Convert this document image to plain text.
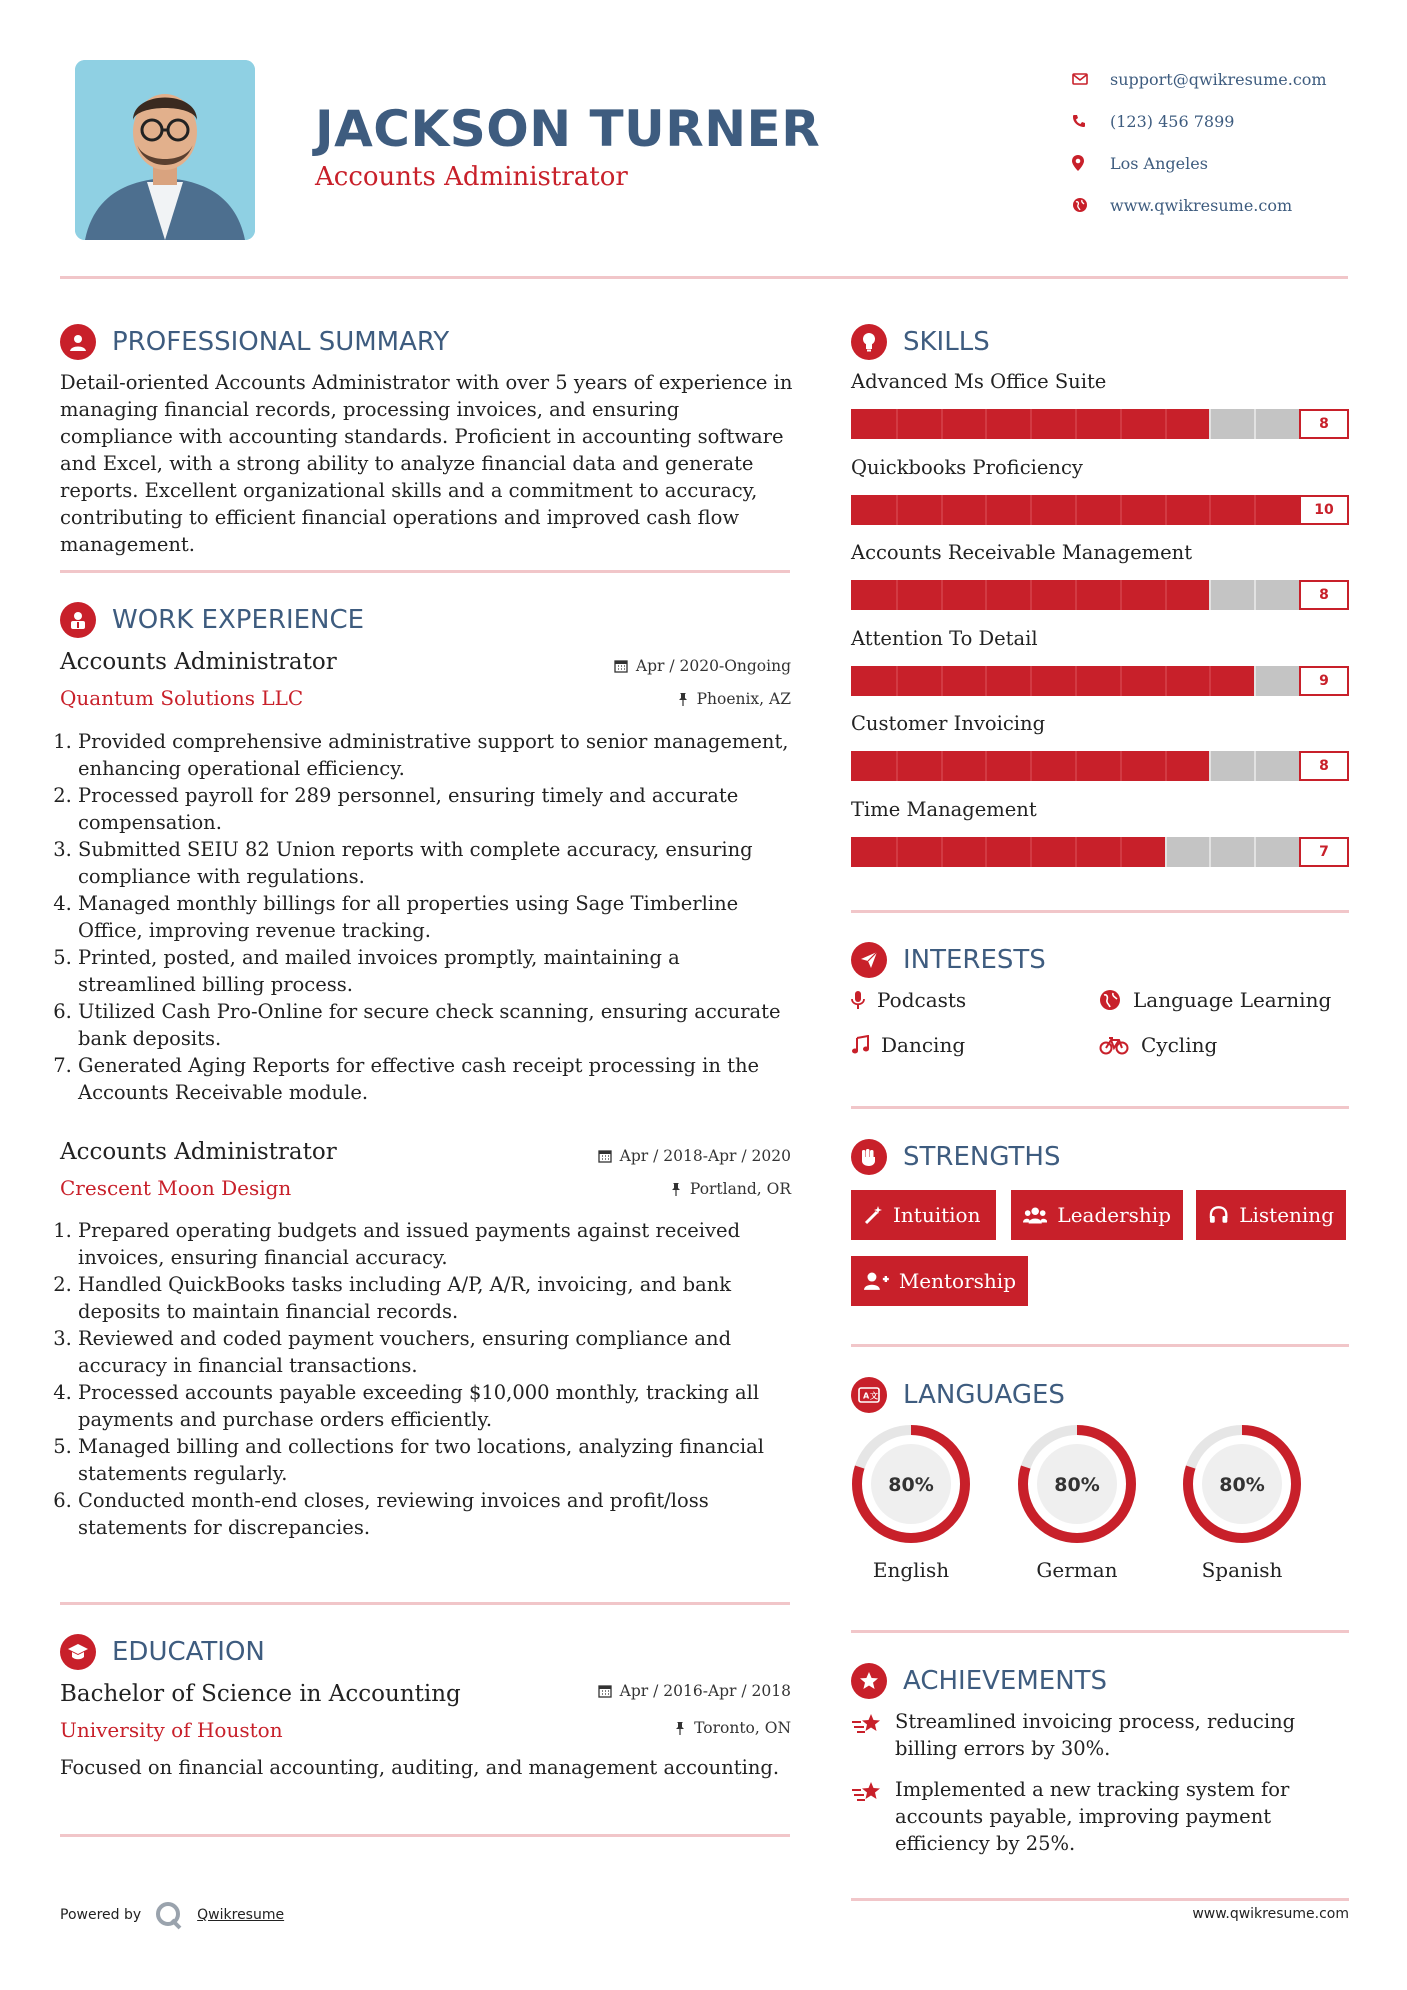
JACKSON TURNER
Accounts Administrator
support@qwikresume.com
(123) 456 7899
Los Angeles
www.qwikresume.com
PROFESSIONAL SUMMARY
Detail-oriented Accounts Administrator with over 5 years of experience in managing financial records, processing invoices, and ensuring compliance with accounting standards. Proficient in accounting software and Excel, with a strong ability to analyze financial data and generate reports. Excellent organizational skills and a commitment to accuracy, contributing to efficient financial operations and improved cash flow management.
WORK EXPERIENCE
Accounts Administrator	Apr / 2020-Ongoing
Quantum Solutions LLC	Phoenix, AZ
1. Provided comprehensive administrative support to senior management, enhancing operational efficiency.
2. Processed payroll for 289 personnel, ensuring timely and accurate compensation.
3. Submitted SEIU 82 Union reports with complete accuracy, ensuring compliance with regulations.
4. Managed monthly billings for all properties using Sage Timberline Office, improving revenue tracking.
5. Printed, posted, and mailed invoices promptly, maintaining a streamlined billing process.
6. Utilized Cash Pro-Online for secure check scanning, ensuring accurate bank deposits.
7. Generated Aging Reports for effective cash receipt processing in the Accounts Receivable module.
Accounts Administrator	Apr / 2018-Apr / 2020
Crescent Moon Design	Portland, OR
1. Prepared operating budgets and issued payments against received invoices, ensuring financial accuracy.
2. Handled QuickBooks tasks including A/P, A/R, invoicing, and bank deposits to maintain financial records.
3. Reviewed and coded payment vouchers, ensuring compliance and accuracy in financial transactions.
4. Processed accounts payable exceeding $10,000 monthly, tracking all payments and purchase orders efficiently.
5. Managed billing and collections for two locations, analyzing financial statements regularly.
6. Conducted month-end closes, reviewing invoices and profit/loss statements for discrepancies.
EDUCATION
Bachelor of Science in Accounting	Apr / 2016-Apr / 2018
University of Houston	Toronto, ON
Focused on financial accounting, auditing, and management accounting.
SKILLS
Advanced Ms Office Suite
8
Quickbooks Proficiency
10
Accounts Receivable Management
8
Attention To Detail
9
Customer Invoicing
8
Time Management
7
INTERESTS
Podcasts	Language Learning
Dancing	Cycling
STRENGTHS
Intuition	Leadership	Listening
Mentorship
A 文 LANGUAGES
80%
English
80%
German
80%
Spanish
ACHIEVEMENTS
Streamlined invoicing process, reducing billing errors by 30%.
Implemented a new tracking system for accounts payable, improving payment efficiency by 25%.
Powered by	Qwikresume	www.qwikresume.com
